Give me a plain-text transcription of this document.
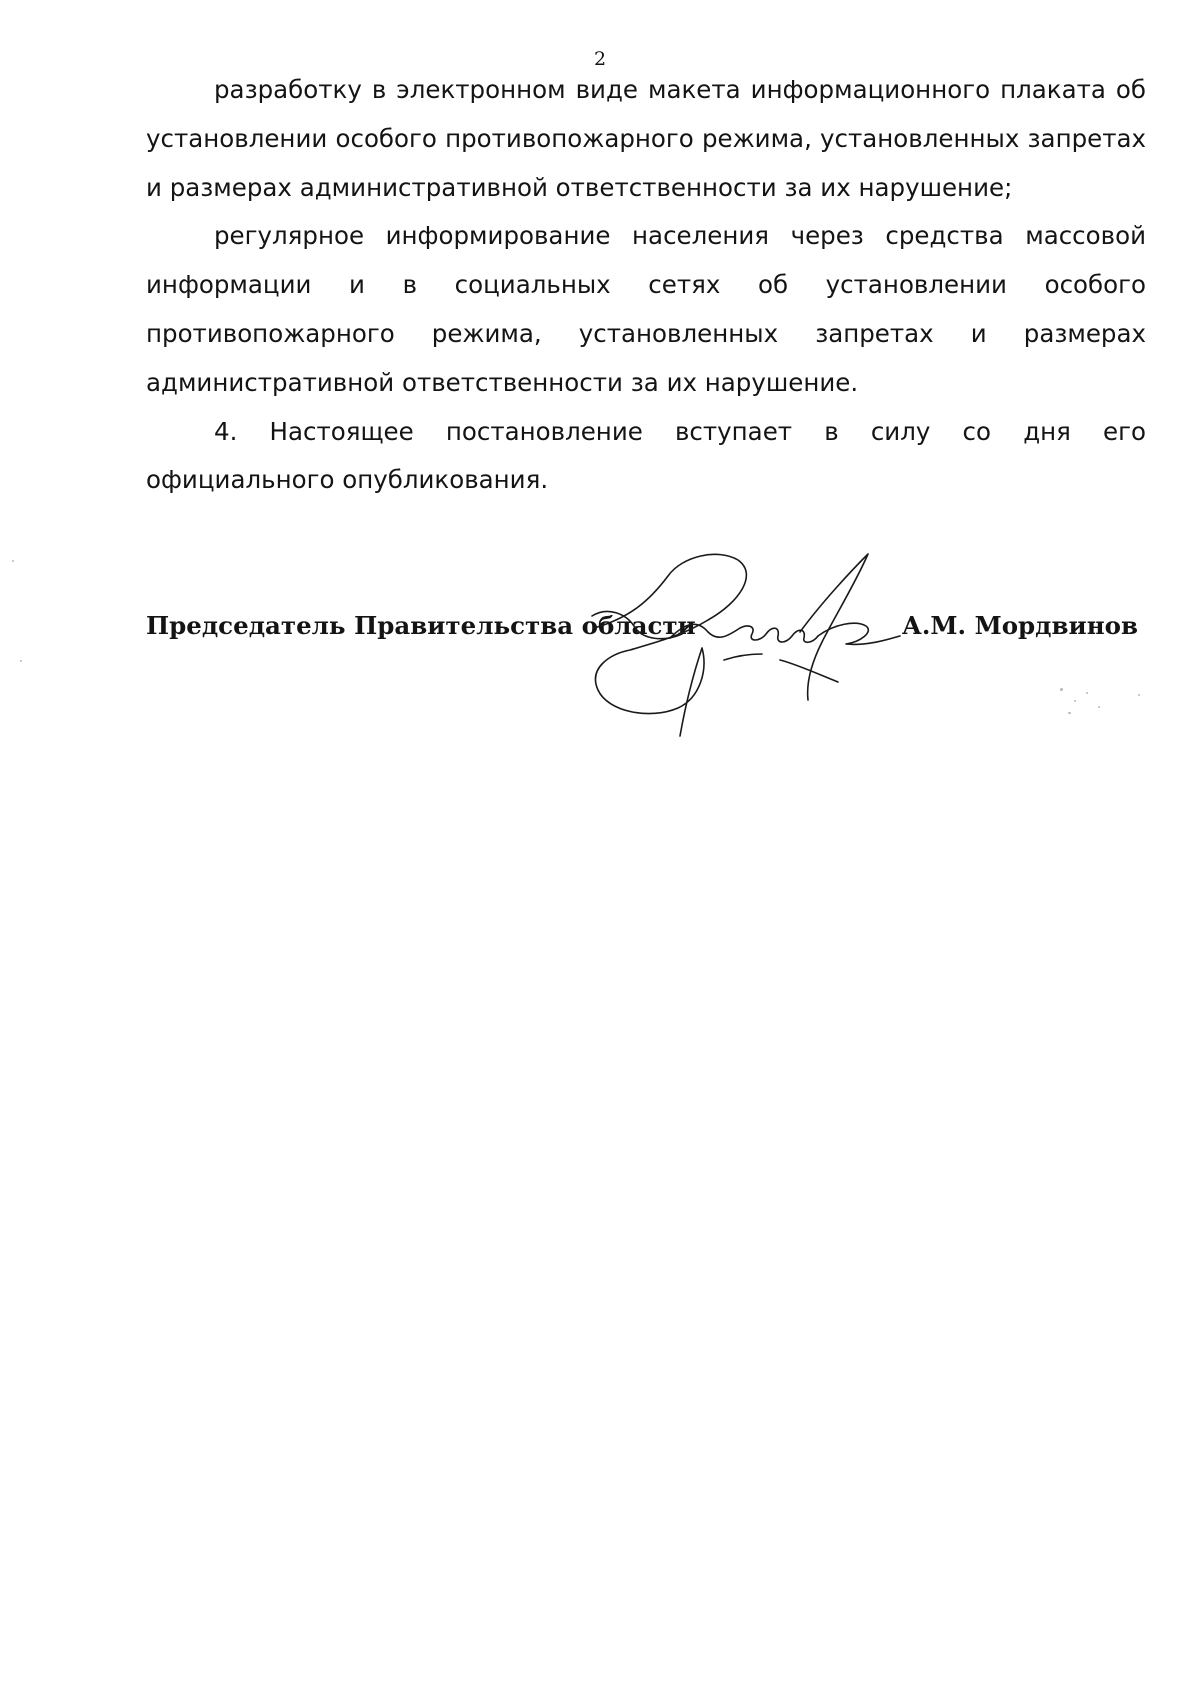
2

разработку в электронном виде макета информационного плаката об установлении особого противопожарного режима, установленных запретах и размерах административной ответственности за их нарушение;

регулярное информирование населения через средства массовой информации и в социальных сетях об установлении особого противопожарного режима, установленных запретах и размерах административной ответственности за их нарушение.

4. Настоящее постановление вступает в силу со дня его официального опубликования.

Председатель Правительства области	А.М. Мордвинов
